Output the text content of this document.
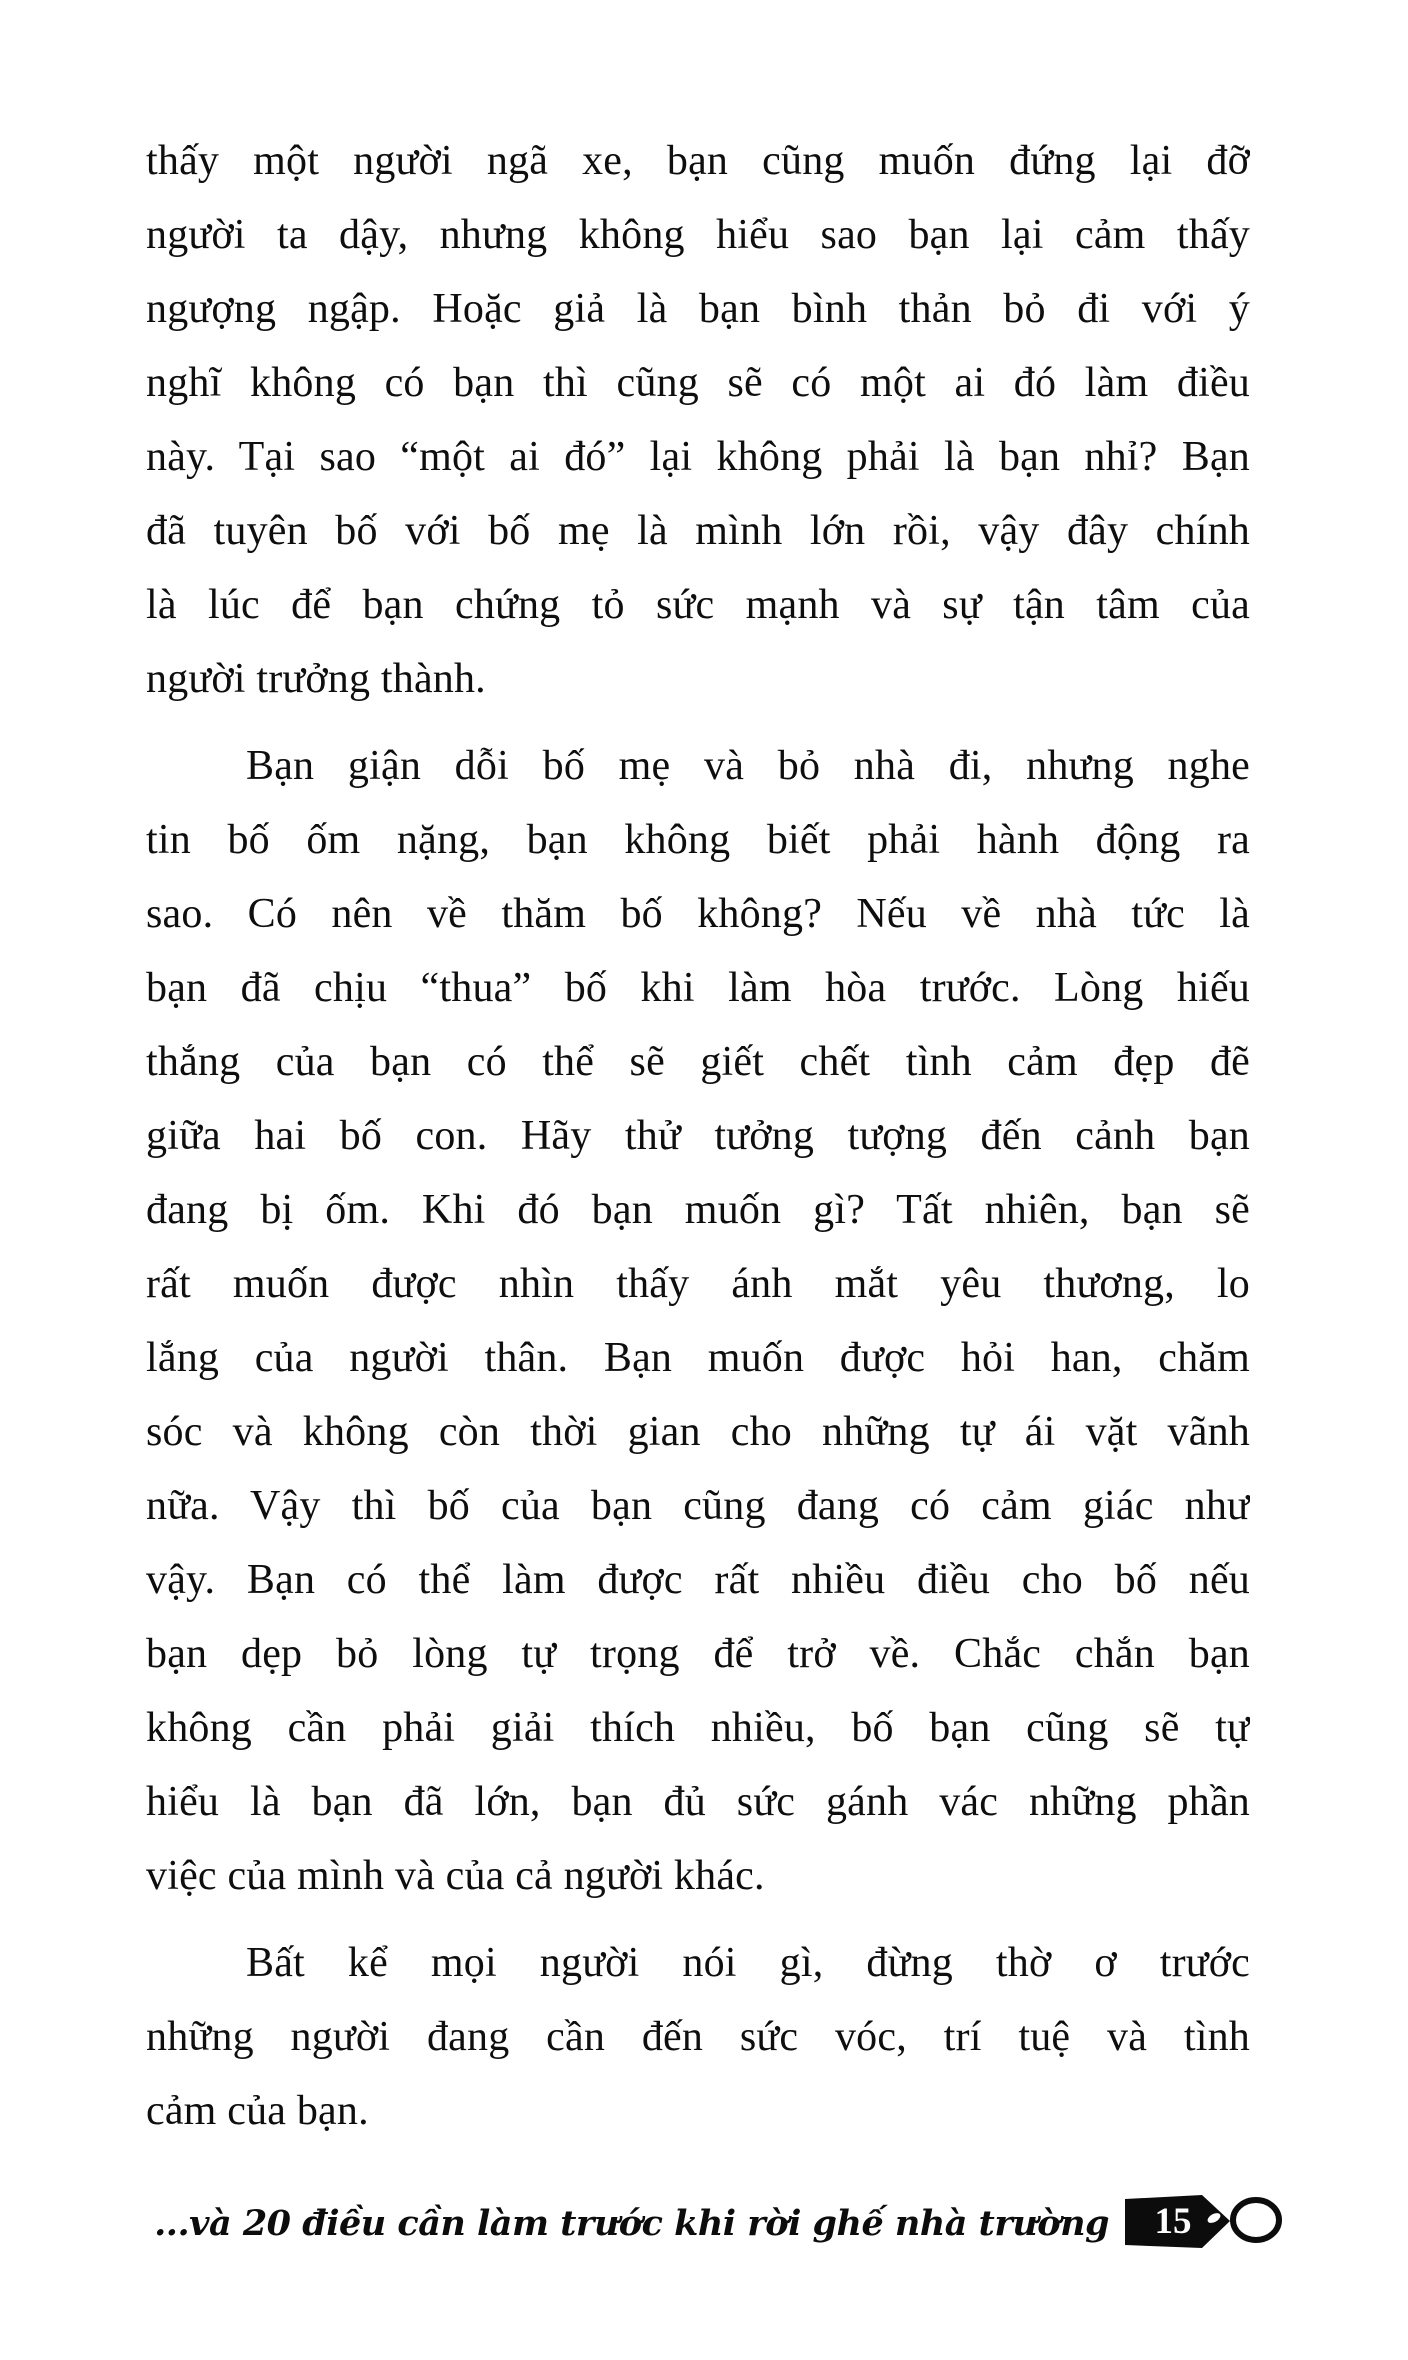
thấy một người ngã xe, bạn cũng muốn đứng lại đỡ
người ta dậy, nhưng không hiểu sao bạn lại cảm thấy
ngượng ngập. Hoặc giả là bạn bình thản bỏ đi với ý
nghĩ không có bạn thì cũng sẽ có một ai đó làm điều
này. Tại sao “một ai đó” lại không phải là bạn nhỉ? Bạn
đã tuyên bố với bố mẹ là mình lớn rồi, vậy đây chính
là lúc để bạn chứng tỏ sức mạnh và sự tận tâm của
người trưởng thành.
Bạn giận dỗi bố mẹ và bỏ nhà đi, nhưng nghe
tin bố ốm nặng, bạn không biết phải hành động ra
sao. Có nên về thăm bố không? Nếu về nhà tức là
bạn đã chịu “thua” bố khi làm hòa trước. Lòng hiếu
thắng của bạn có thể sẽ giết chết tình cảm đẹp đẽ
giữa hai bố con. Hãy thử tưởng tượng đến cảnh bạn
đang bị ốm. Khi đó bạn muốn gì? Tất nhiên, bạn sẽ
rất muốn được nhìn thấy ánh mắt yêu thương, lo
lắng của người thân. Bạn muốn được hỏi han, chăm
sóc và không còn thời gian cho những tự ái vặt vãnh
nữa. Vậy thì bố của bạn cũng đang có cảm giác như
vậy. Bạn có thể làm được rất nhiều điều cho bố nếu
bạn dẹp bỏ lòng tự trọng để trở về. Chắc chắn bạn
không cần phải giải thích nhiều, bố bạn cũng sẽ tự
hiểu là bạn đã lớn, bạn đủ sức gánh vác những phần
việc của mình và của cả người khác.
Bất kể mọi người nói gì, đừng thờ ơ trước
những người đang cần đến sức vóc, trí tuệ và tình
cảm của bạn.
...và 20 điều cần làm trước khi rời ghế nhà trường	15
